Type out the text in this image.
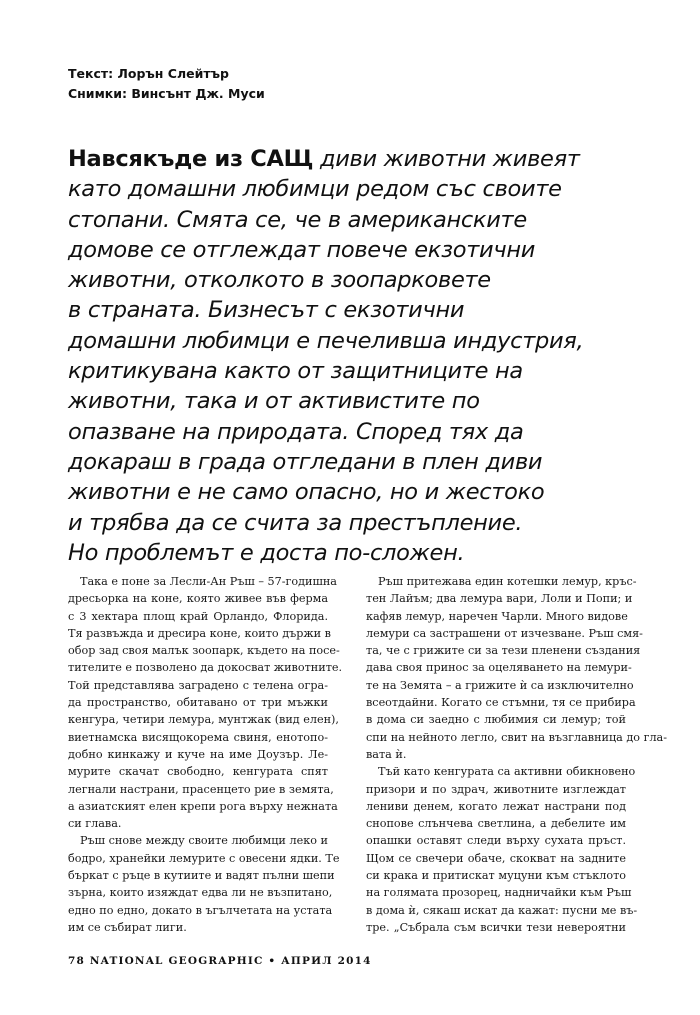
Текст: Лорън Слейтър
Снимки: Винсънт Дж. Муси
Навсякъде из САЩ диви животни живеят
като домашни любимци редом със своите
стопани. Смята се, че в американските
домове се отглеждат повече екзотични
животни, отколкото в зоопарковете
в страната. Бизнесът с екзотични
домашни любимци е печеливша индустрия,
критикувана както от защитниците на
животни, така и от активистите по
опазване на природата. Според тях да
докараш в града отгледани в плен диви
животни е не само опасно, но и жестоко
и трябва да се счита за престъпление.
Но проблемът е доста по-сложен.
Така е поне за Лесли-Ан Ръш – 57-годишна
дресьорка на коне, която живее във ферма
с 3 хектара площ край Орландо, Флорида.
Тя развъжда и дресира коне, които държи в
обор зад своя малък зоопарк, където на посе-
тителите е позволено да докосват животните.
Той представлява заградено с телена огра-
да пространство, обитавано от три мъжки
кенгура, четири лемура, мунтжак (вид елен),
виетнамска висящокорема свиня, енотопо-
добно кинкажу и куче на име Доузър. Ле-
мурите скачат свободно, кенгурата спят
легнали настрани, прасенцето рие в земята,
а азиатският елен крепи рога върху нежната
си глава.
Ръш снове между своите любимци леко и
бодро, хранейки лемурите с овесени ядки. Те
бъркат с ръце в кутиите и вадят пълни шепи
зърна, които изяждат едва ли не възпитано,
едно по едно, докато в ъгълчетата на устата
им се събират лиги.
Ръш притежава един котешки лемур, кръс-
тен Лайъм; два лемура вари, Лоли и Попи; и
кафяв лемур, наречен Чарли. Много видове
лемури са застрашени от изчезване. Ръш смя-
та, че с грижите си за тези пленени създания
дава своя принос за оцеляването на лемури-
те на Земята – а грижите ѝ са изключително
всеотдайни. Когато се стъмни, тя се прибира
в дома си заедно с любимия си лемур; той
спи на нейното легло, свит на възглавница до гла-
вата ѝ.
Тъй като кенгурата са активни обикновено
призори и по здрач, животните изглеждат
лениви денем, когато лежат настрани под
снопове слънчева светлина, а дебелите им
опашки оставят следи върху сухата пръст.
Щом се свечери обаче, скокват на задните
си крака и притискат муцуни към стъклото
на голямата прозорец, надничайки към Ръш
в дома ѝ, сякаш искат да кажат: пусни ме въ-
тре. „Събрала съм всички тези невероятни
78 NATIONAL GEOGRAPHIC • АПРИЛ 2014
